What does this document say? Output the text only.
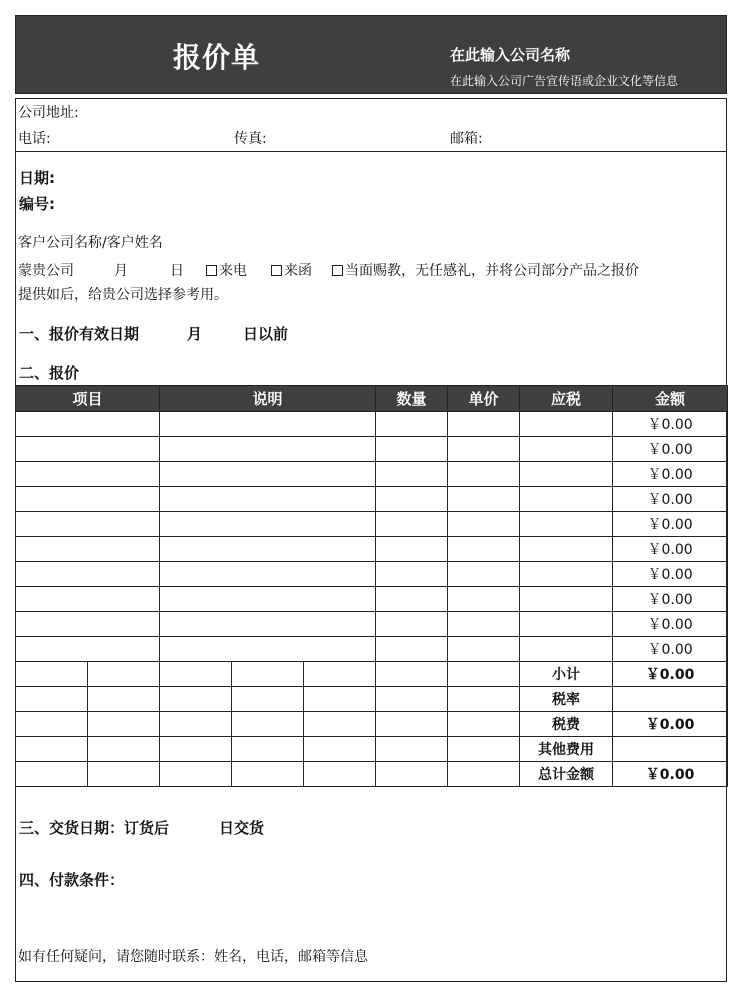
报价单	在此输入公司名称
在此输入公司广告宣传语或企业文化等信息
公司地址:
电话:	传真:	邮箱:
日期:
编号:
客户公司名称/客户姓名
蒙贵公司	月	日	来电	来函 当面赐教，无任感礼，并将公司部分产品之报价
提供如后，给贵公司选择参考用。
一、报价有效日期	月	日以前
二、报价
项目		说明			数量	单价	应税	金额
								￥0.00
								￥0.00
								￥0.00
								￥0.00
								￥0.00
								￥0.00
								￥0.00
								￥0.00
								￥0.00
								￥0.00
							小计	￥0.00
							税率	
							税费	￥0.00
							其他费用	
							总计金额	￥0.00
三、交货日期：订货后	日交货
四、付款条件：
如有任何疑问，请您随时联系：姓名，电话，邮箱等信息
